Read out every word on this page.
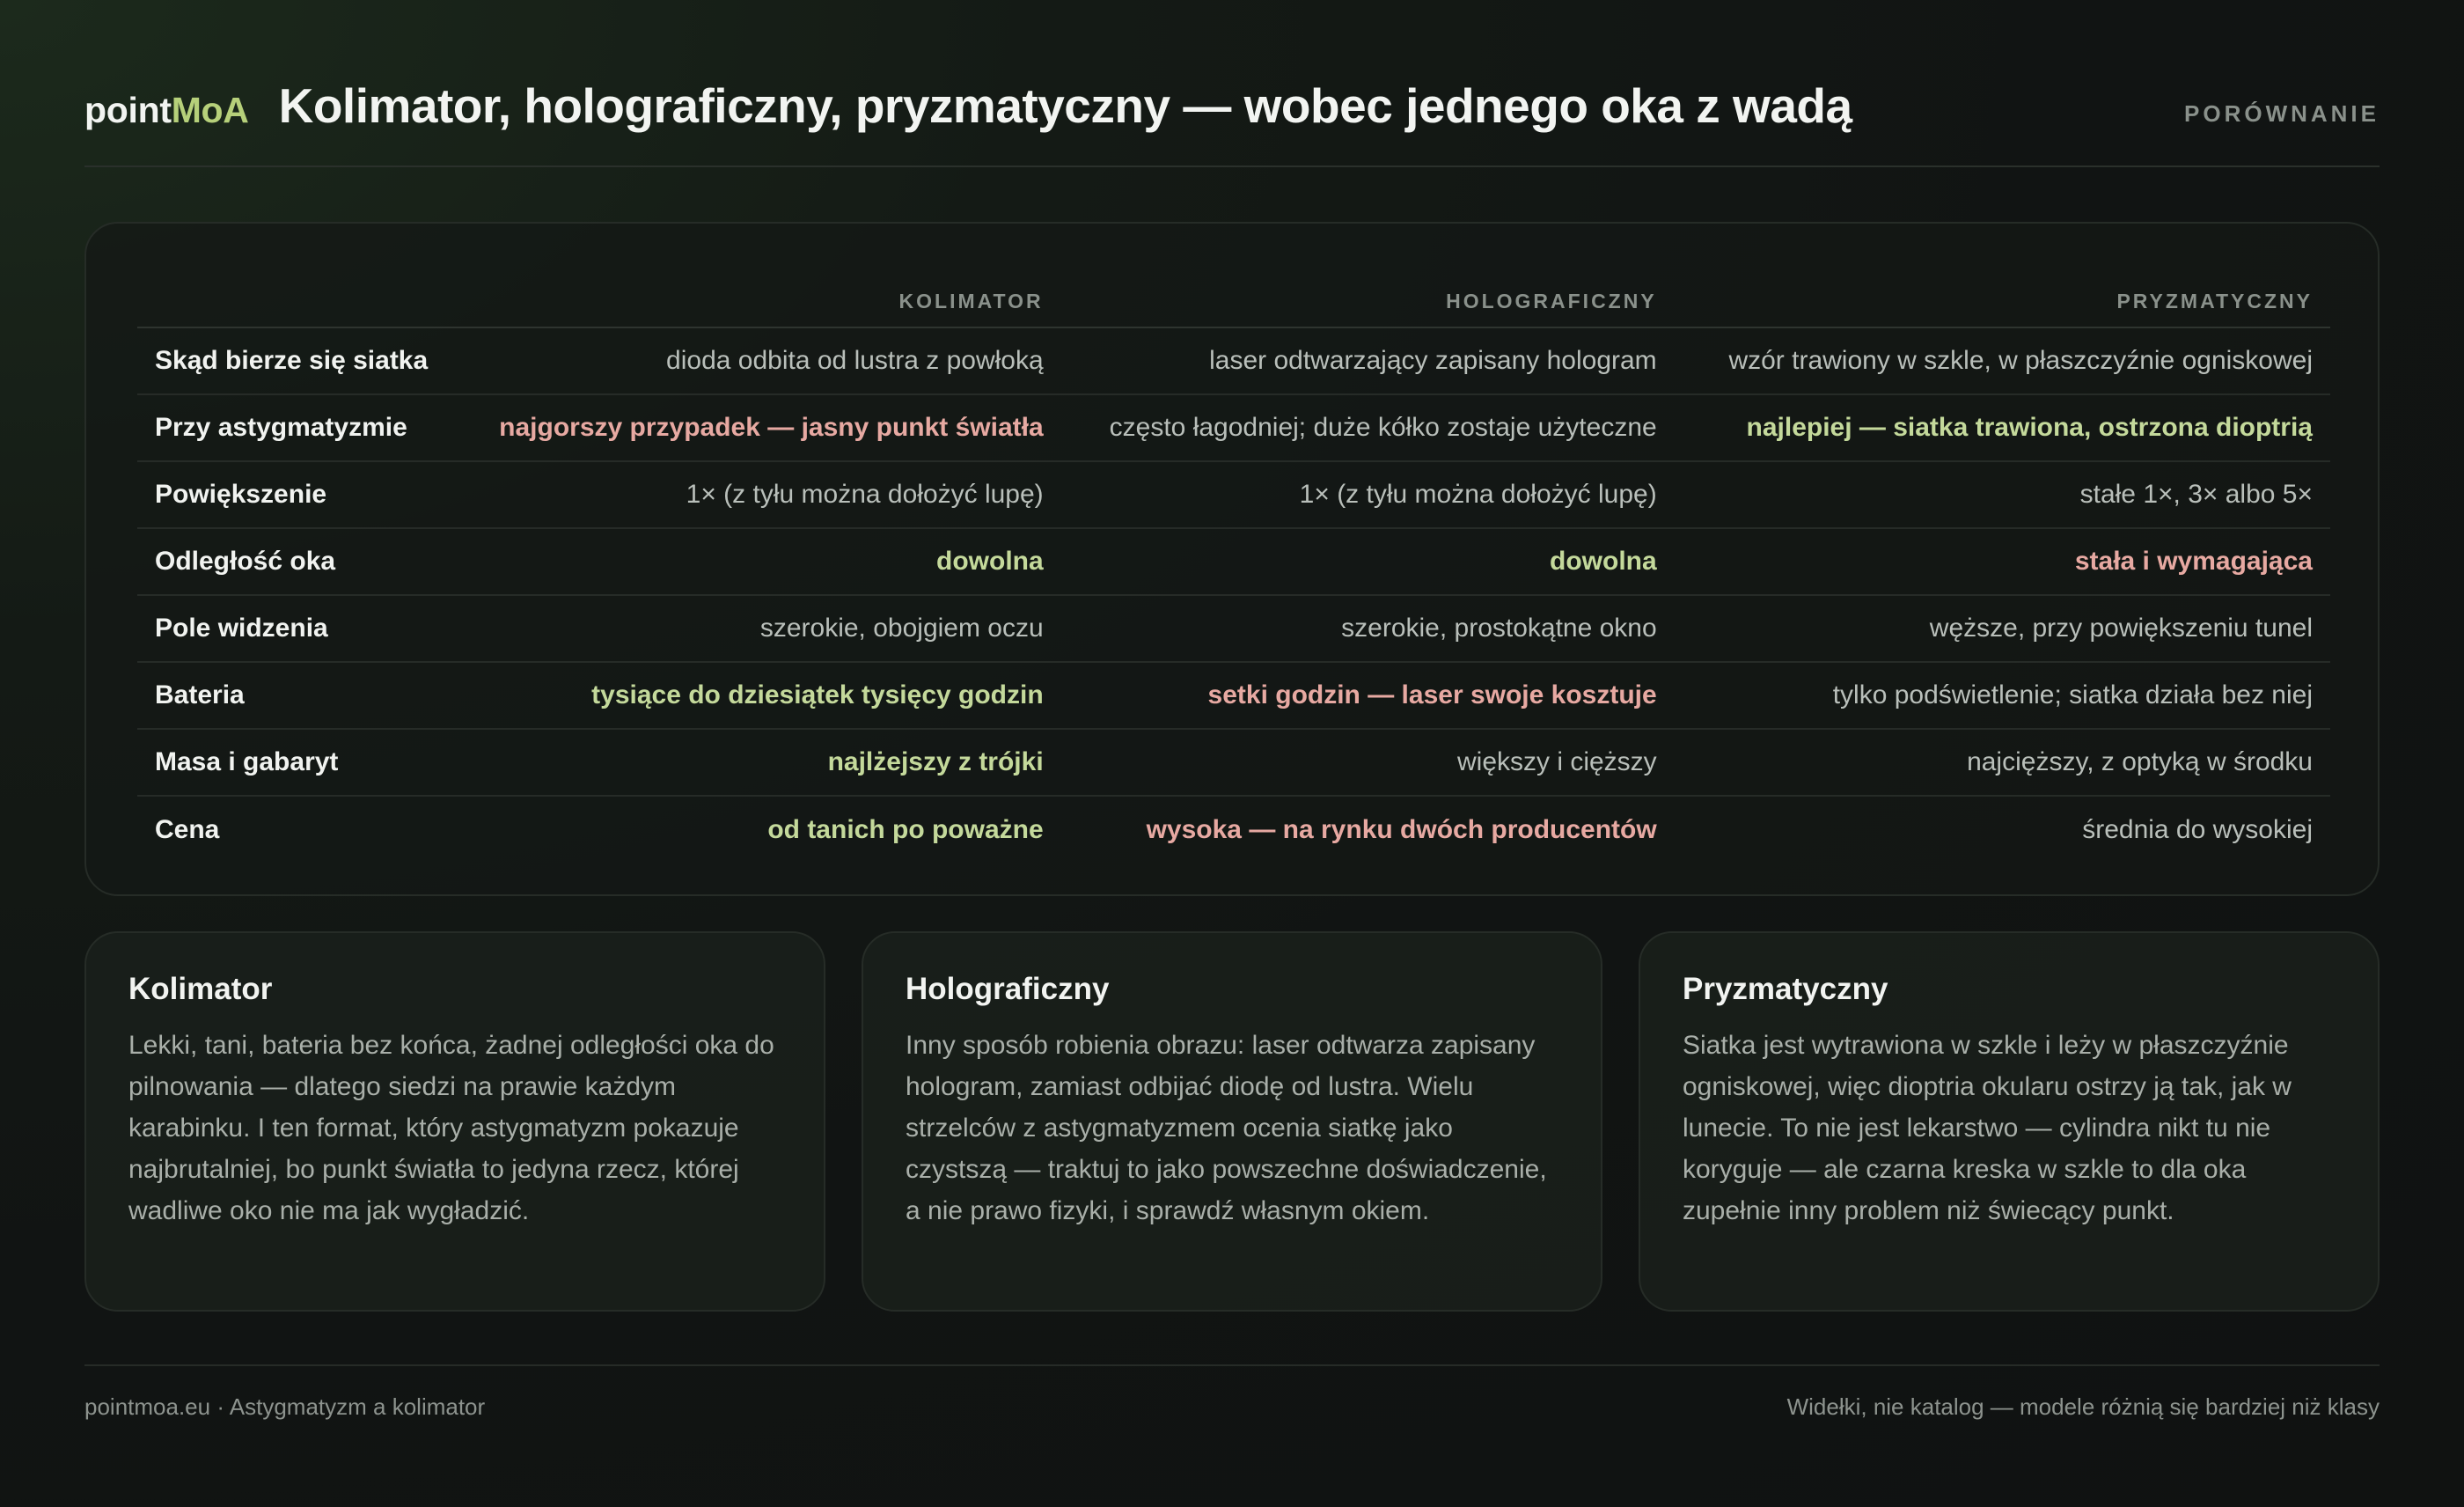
pointMoA Kolimator, holograficzny, pryzmatyczny — wobec jednego oka z wadą	PORÓWNANIE
	KOLIMATOR	HOLOGRAFICZNY	PRYZMATYCZNY
Skąd bierze się siatka	dioda odbita od lustra z powłoką	laser odtwarzający zapisany hologram	wzór trawiony w szkle, w płaszczyźnie ogniskowej
Przy astygmatyzmie	najgorszy przypadek — jasny punkt światła	często łagodniej; duże kółko zostaje użyteczne	najlepiej — siatka trawiona, ostrzona dioptrią
Powiększenie	1× (z tyłu można dołożyć lupę)	1× (z tyłu można dołożyć lupę)	stałe 1×, 3× albo 5×
Odległość oka	dowolna	dowolna	stała i wymagająca
Pole widzenia	szerokie, obojgiem oczu	szerokie, prostokątne okno	węższe, przy powiększeniu tunel
Bateria	tysiące do dziesiątek tysięcy godzin	setki godzin — laser swoje kosztuje	tylko podświetlenie; siatka działa bez niej
Masa i gabaryt	najlżejszy z trójki	większy i cięższy	najcięższy, z optyką w środku
Cena	od tanich po poważne	wysoka — na rynku dwóch producentów	średnia do wysokiej
Kolimator

Lekki, tani, bateria bez końca, żadnej odległości oka do pilnowania — dlatego siedzi na prawie każdym karabinku. I ten format, który astygmatyzm pokazuje najbrutalniej, bo punkt światła to jedyna rzecz, której wadliwe oko nie ma jak wygładzić.

Holograficzny

Inny sposób robienia obrazu: laser odtwarza zapisany hologram, zamiast odbijać diodę od lustra. Wielu strzelców z astygmatyzmem ocenia siatkę jako czystszą — traktuj to jako powszechne doświadczenie, a nie prawo fizyki, i sprawdź własnym okiem.

Pryzmatyczny

Siatka jest wytrawiona w szkle i leży w płaszczyźnie ogniskowej, więc dioptria okularu ostrzy ją tak, jak w lunecie. To nie jest lekarstwo — cylindra nikt tu nie koryguje — ale czarna kreska w szkle to dla oka zupełnie inny problem niż świecący punkt.

pointmoa.eu · Astygmatyzm a kolimator	Widełki, nie katalog — modele różnią się bardziej niż klasy
